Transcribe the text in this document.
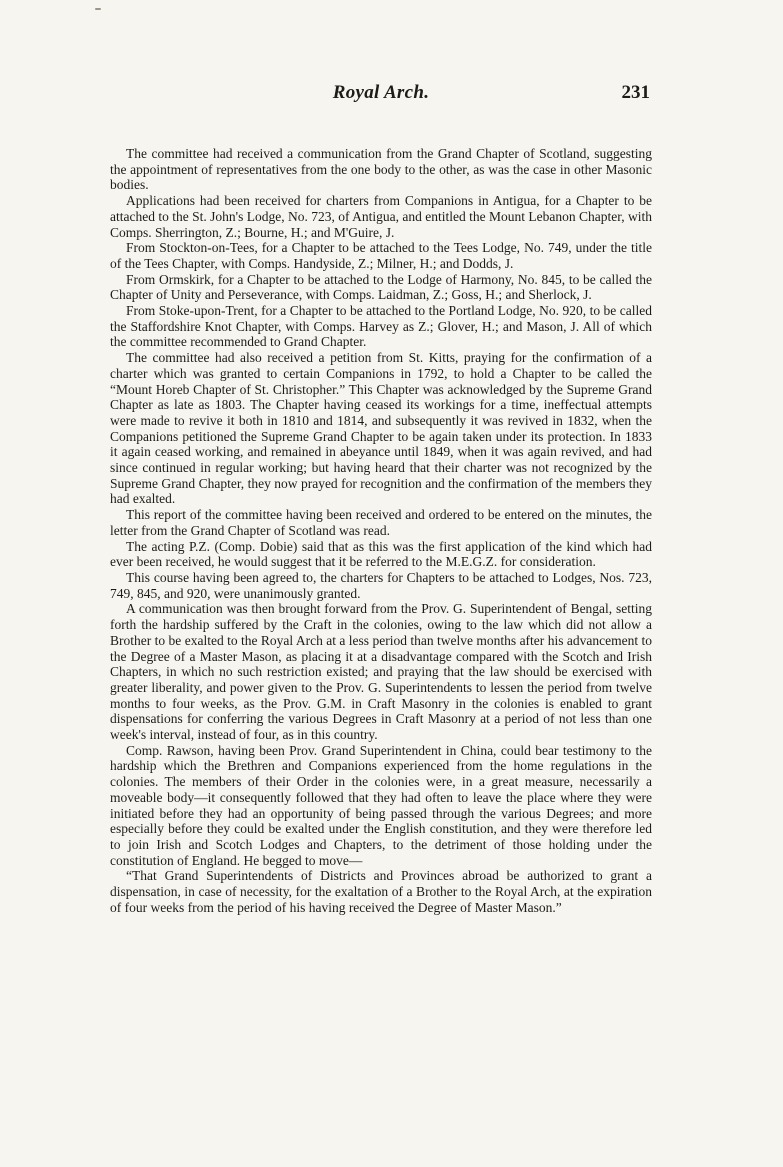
Royal Arch.	231

The committee had received a communication from the Grand Chapter of Scotland, suggesting the appointment of representatives from the one body to the other, as was the case in other Masonic bodies.

Applications had been received for charters from Companions in Antigua, for a Chapter to be attached to the St. John's Lodge, No. 723, of Antigua, and entitled the Mount Lebanon Chapter, with Comps. Sherrington, Z.; Bourne, H.; and M'Guire, J.

From Stockton-on-Tees, for a Chapter to be attached to the Tees Lodge, No. 749, under the title of the Tees Chapter, with Comps. Handyside, Z.; Milner, H.; and Dodds, J.

From Ormskirk, for a Chapter to be attached to the Lodge of Harmony, No. 845, to be called the Chapter of Unity and Perseverance, with Comps. Laidman, Z.; Goss, H.; and Sherlock, J.

From Stoke-upon-Trent, for a Chapter to be attached to the Portland Lodge, No. 920, to be called the Staffordshire Knot Chapter, with Comps. Harvey as Z.; Glover, H.; and Mason, J. All of which the committee recommended to Grand Chapter.

The committee had also received a petition from St. Kitts, praying for the confirmation of a charter which was granted to certain Companions in 1792, to hold a Chapter to be called the “Mount Horeb Chapter of St. Christopher.” This Chapter was acknowledged by the Supreme Grand Chapter as late as 1803. The Chapter having ceased its workings for a time, ineffectual attempts were made to revive it both in 1810 and 1814, and subsequently it was revived in 1832, when the Companions petitioned the Supreme Grand Chapter to be again taken under its protection. In 1833 it again ceased working, and remained in abeyance until 1849, when it was again revived, and had since continued in regular working; but having heard that their charter was not recognized by the Supreme Grand Chapter, they now prayed for recognition and the confirmation of the members they had exalted.

This report of the committee having been received and ordered to be entered on the minutes, the letter from the Grand Chapter of Scotland was read.

The acting P.Z. (Comp. Dobie) said that as this was the first application of the kind which had ever been received, he would suggest that it be referred to the M.E.G.Z. for consideration.

This course having been agreed to, the charters for Chapters to be attached to Lodges, Nos. 723, 749, 845, and 920, were unanimously granted.

A communication was then brought forward from the Prov. G. Superintendent of Bengal, setting forth the hardship suffered by the Craft in the colonies, owing to the law which did not allow a Brother to be exalted to the Royal Arch at a less period than twelve months after his advancement to the Degree of a Master Mason, as placing it at a disadvantage compared with the Scotch and Irish Chapters, in which no such restriction existed; and praying that the law should be exercised with greater liberality, and power given to the Prov. G. Superintendents to lessen the period from twelve months to four weeks, as the Prov. G.M. in Craft Masonry in the colonies is enabled to grant dispensations for conferring the various Degrees in Craft Masonry at a period of not less than one week's interval, instead of four, as in this country.

Comp. Rawson, having been Prov. Grand Superintendent in China, could bear testimony to the hardship which the Brethren and Companions experienced from the home regulations in the colonies. The members of their Order in the colonies were, in a great measure, necessarily a moveable body—it consequently followed that they had often to leave the place where they were initiated before they had an opportunity of being passed through the various Degrees; and more especially before they could be exalted under the English constitution, and they were therefore led to join Irish and Scotch Lodges and Chapters, to the detriment of those holding under the constitution of England. He begged to move—

“That Grand Superintendents of Districts and Provinces abroad be authorized to grant a dispensation, in case of necessity, for the exaltation of a Brother to the Royal Arch, at the expiration of four weeks from the period of his having received the Degree of Master Mason.”
